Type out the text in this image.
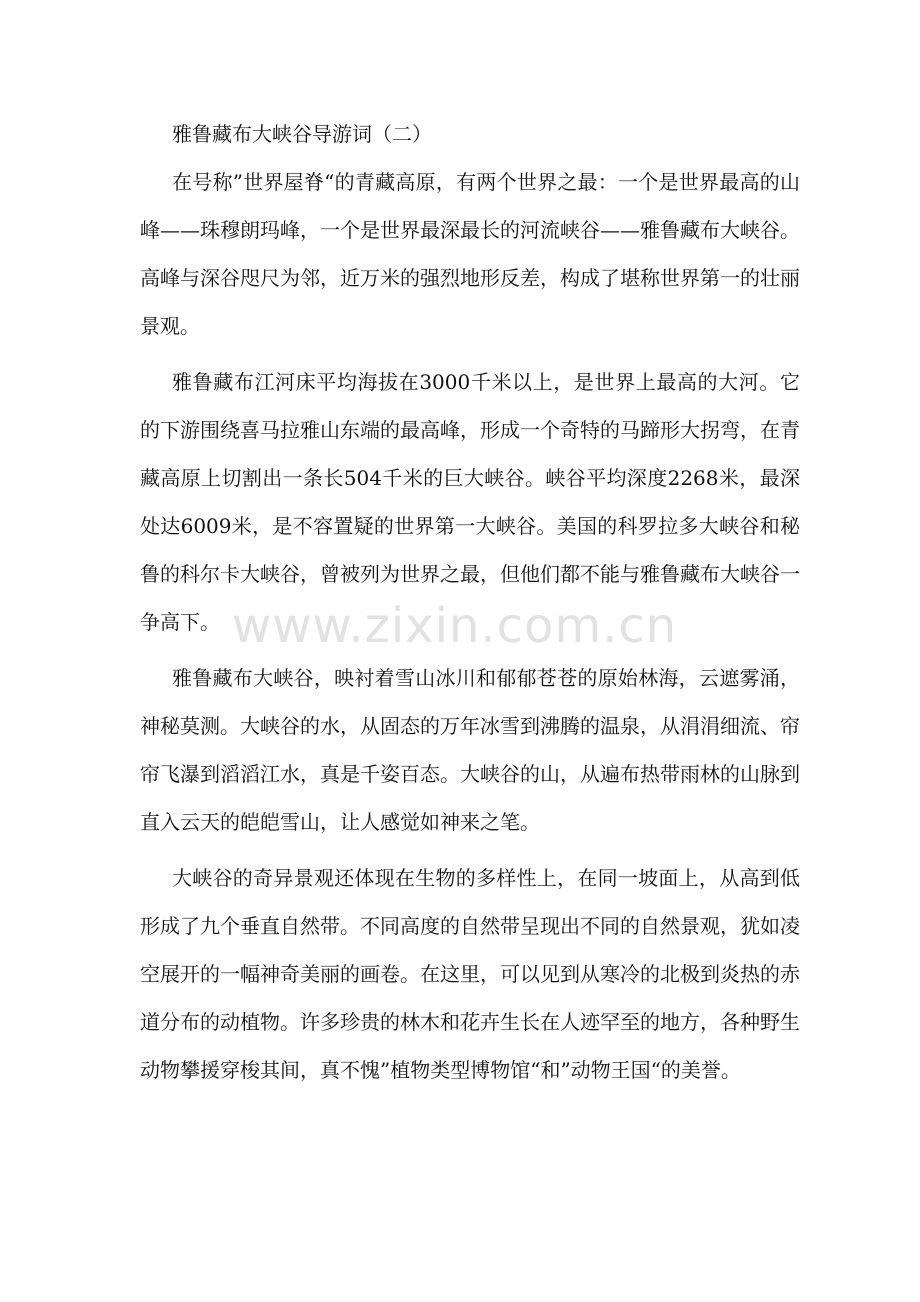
雅鲁藏布大峡谷导游词（二）

在号称”世界屋脊“的青藏高原，有两个世界之最：一个是世界最高的山峰——珠穆朗玛峰，一个是世界最深最长的河流峡谷——雅鲁藏布大峡谷。高峰与深谷咫尺为邻，近万米的强烈地形反差，构成了堪称世界第一的壮丽景观。

雅鲁藏布江河床平均海拔在3000千米以上，是世界上最高的大河。它的下游围绕喜马拉雅山东端的最高峰，形成一个奇特的马蹄形大拐弯，在青藏高原上切割出一条长504千米的巨大峡谷。峡谷平均深度2268米，最深处达6009米，是不容置疑的世界第一大峡谷。美国的科罗拉多大峡谷和秘鲁的科尔卡大峡谷，曾被列为世界之最，但他们都不能与雅鲁藏布大峡谷一争高下。

雅鲁藏布大峡谷，映衬着雪山冰川和郁郁苍苍的原始林海，云遮雾涌，神秘莫测。大峡谷的水，从固态的万年冰雪到沸腾的温泉，从涓涓细流、帘帘飞瀑到滔滔江水，真是千姿百态。大峡谷的山，从遍布热带雨林的山脉到直入云天的皑皑雪山，让人感觉如神来之笔。

大峡谷的奇异景观还体现在生物的多样性上，在同一坡面上，从高到低形成了九个垂直自然带。不同高度的自然带呈现出不同的自然景观，犹如凌空展开的一幅神奇美丽的画卷。在这里，可以见到从寒冷的北极到炎热的赤道分布的动植物。许多珍贵的林木和花卉生长在人迹罕至的地方，各种野生动物攀援穿梭其间，真不愧”植物类型博物馆“和”动物王国“的美誉。

www.zixin.com.cn
